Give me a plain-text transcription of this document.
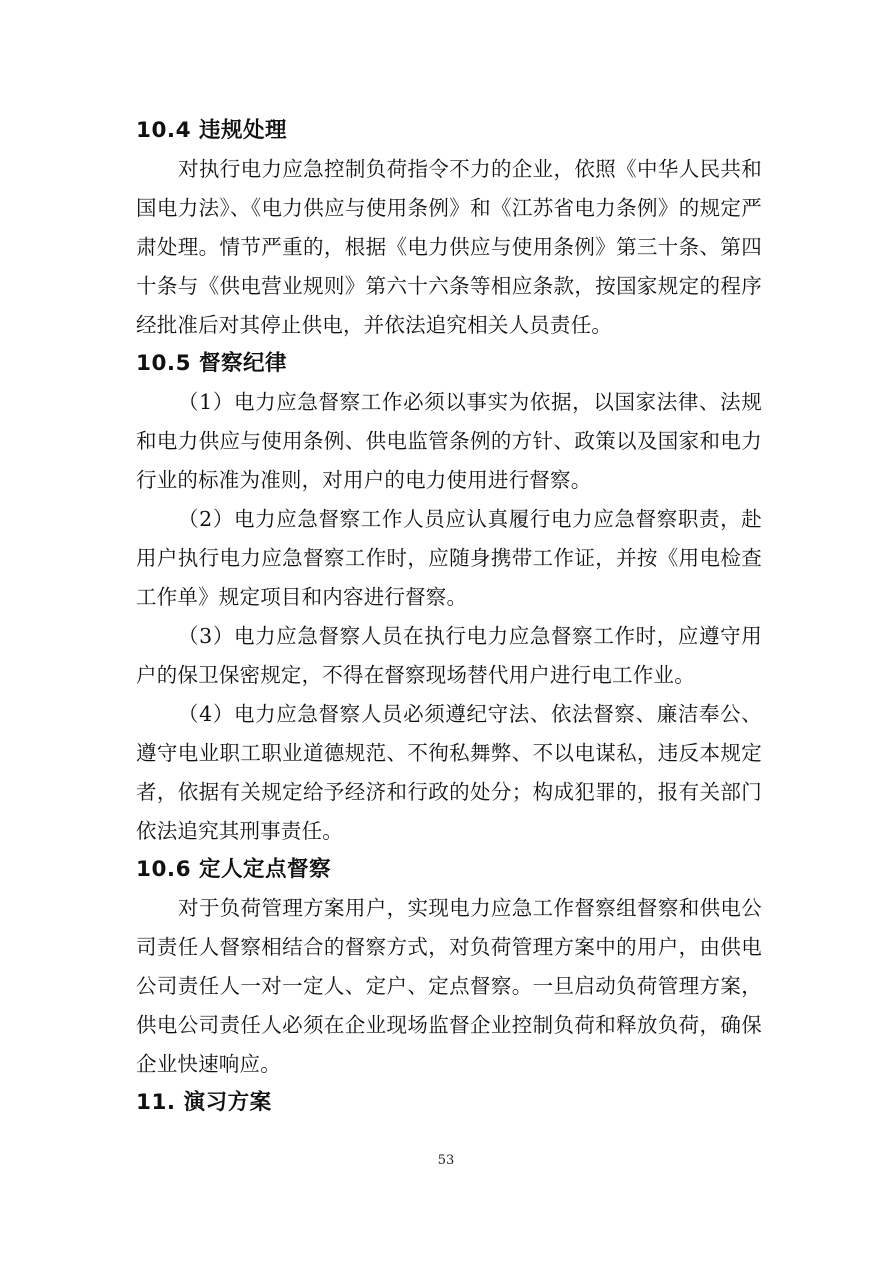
10.4 违规处理

对执行电力应急控制负荷指令不力的企业，依照《中华人民共和国电力法》、《电力供应与使用条例》和《江苏省电力条例》的规定严肃处理。情节严重的，根据《电力供应与使用条例》第三十条、第四十条与《供电营业规则》第六十六条等相应条款，按国家规定的程序经批准后对其停止供电，并依法追究相关人员责任。

10.5 督察纪律

（1）电力应急督察工作必须以事实为依据，以国家法律、法规和电力供应与使用条例、供电监管条例的方针、政策以及国家和电力行业的标准为准则，对用户的电力使用进行督察。

（2）电力应急督察工作人员应认真履行电力应急督察职责，赴用户执行电力应急督察工作时，应随身携带工作证，并按《用电检查工作单》规定项目和内容进行督察。

（3）电力应急督察人员在执行电力应急督察工作时，应遵守用户的保卫保密规定，不得在督察现场替代用户进行电工作业。

（4）电力应急督察人员必须遵纪守法、依法督察、廉洁奉公、遵守电业职工职业道德规范、不徇私舞弊、不以电谋私，违反本规定者，依据有关规定给予经济和行政的处分；构成犯罪的，报有关部门依法追究其刑事责任。

10.6 定人定点督察

对于负荷管理方案用户，实现电力应急工作督察组督察和供电公司责任人督察相结合的督察方式，对负荷管理方案中的用户，由供电公司责任人一对一定人、定户、定点督察。一旦启动负荷管理方案，供电公司责任人必须在企业现场监督企业控制负荷和释放负荷，确保企业快速响应。

11. 演习方案
53
